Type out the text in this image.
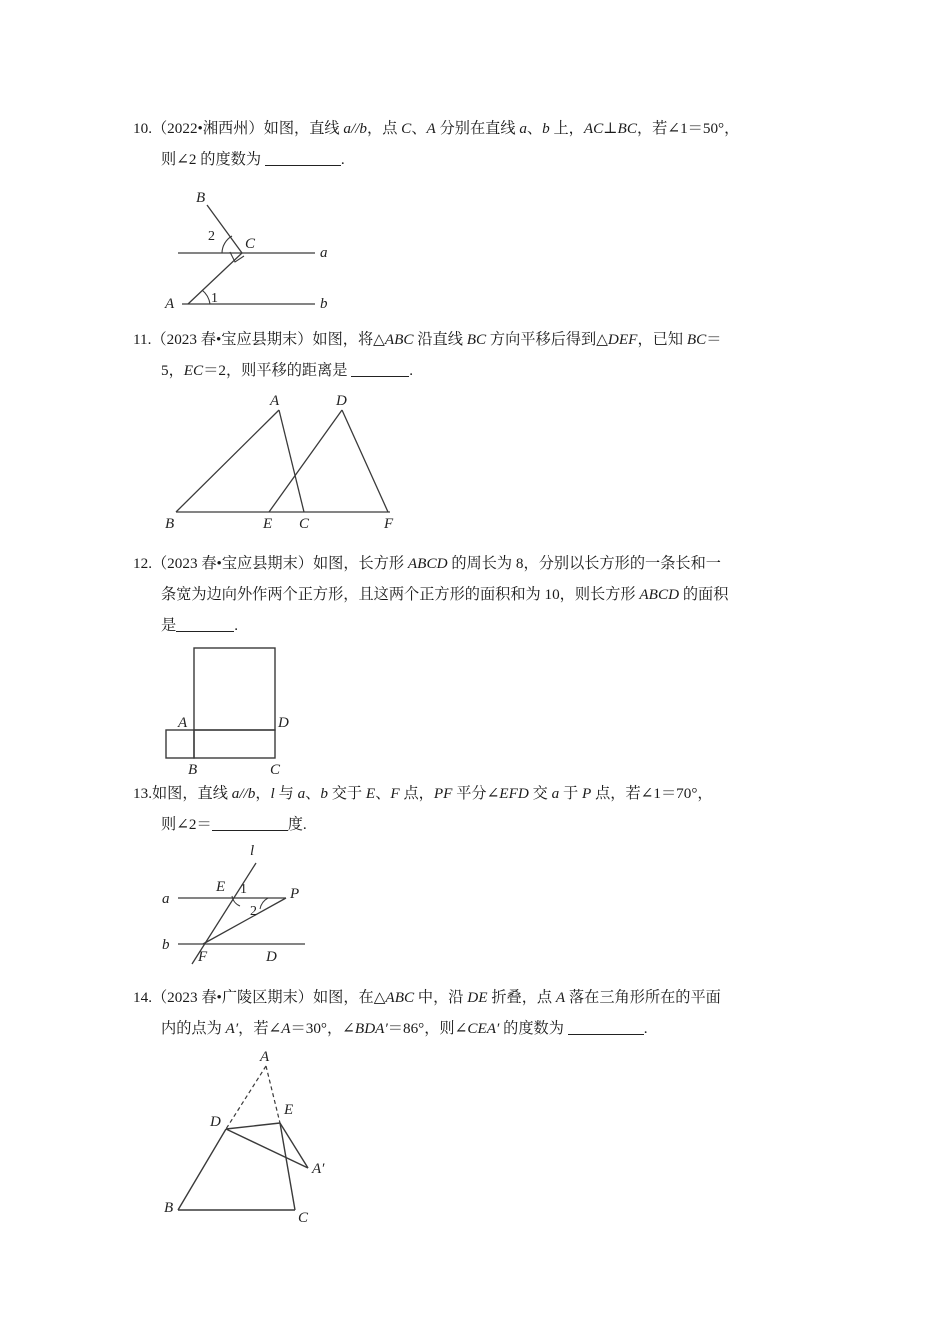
10.（2022•湘西州）如图，直线 a//b，点 C、A 分别在直线 a、b 上，AC⊥BC，若∠1＝50°，
则∠2 的度数为	.
B
2 C
a
A	1	b
11.（2023 春•宝应县期末）如图，将△ABC 沿直线 BC 方向平移后得到△DEF，已知 BC＝
5，EC＝2，则平移的距离是	.
A	D
B	E C	F
12.（2023 春•宝应县期末）如图，长方形 ABCD 的周长为 8，分别以长方形的一条长和一
条宽为边向外作两个正方形，且这两个正方形的面积和为 10，则长方形 ABCD 的面积
是	.
A	D
B	C
13.如图，直线 a//b，l 与 a、b 交于 E、F 点，PF 平分∠EFD 交 a 于 P 点，若∠1＝70°，
则∠2＝	度.
E 1
l
a
2
P
b
F	D
14.（2023 春•广陵区期末）如图，在△ABC 中，沿 DE 折叠，点 A 落在三角形所在的平面
内的点为 A′，若∠A＝30°，∠BDA′＝86°，则∠CEA′ 的度数为	.
A
D
E
A′
B
C
